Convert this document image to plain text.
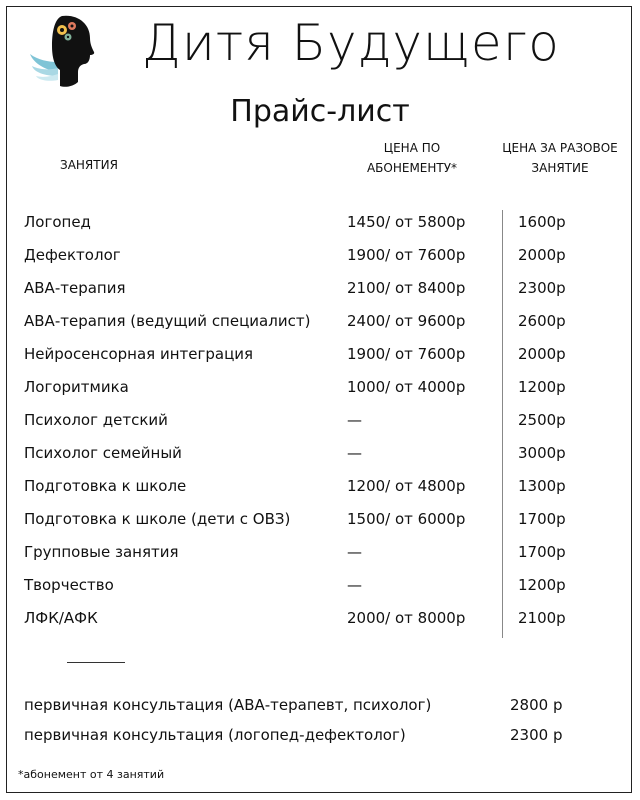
Дитя Будущего
Прайс-лист
ЗАНЯТИЯ
ЦЕНА ПО
АБОНЕМЕНТУ*
ЦЕНА ЗА РАЗОВОЕ
ЗАНЯТИЕ
Логопед	1450/ от 5800р	1600р
Дефектолог	1900/ от 7600р	2000р
АВА-терапия	2100/ от 8400р	2300р
АВА-терапия (ведущий специалист) 2400/ от 9600р	2600р
Нейросенсорная интеграция	1900/ от 7600р	2000р
Логоритмика	1000/ от 4000р	1200р
Психолог детский	—	2500р
Психолог семейный	—	3000р
Подготовка к школе	1200/ от 4800р	1300р
Подготовка к школе (дети с ОВЗ)	1500/ от 6000р	1700р
Групповые занятия	—	1700р
Творчество	—	1200р
ЛФК/АФК	2000/ от 8000р	2100р
первичная консультация (АВА-терапевт, психолог)	2800 р
первичная консультация (логопед-дефектолог)	2300 р
*абонемент от 4 занятий
